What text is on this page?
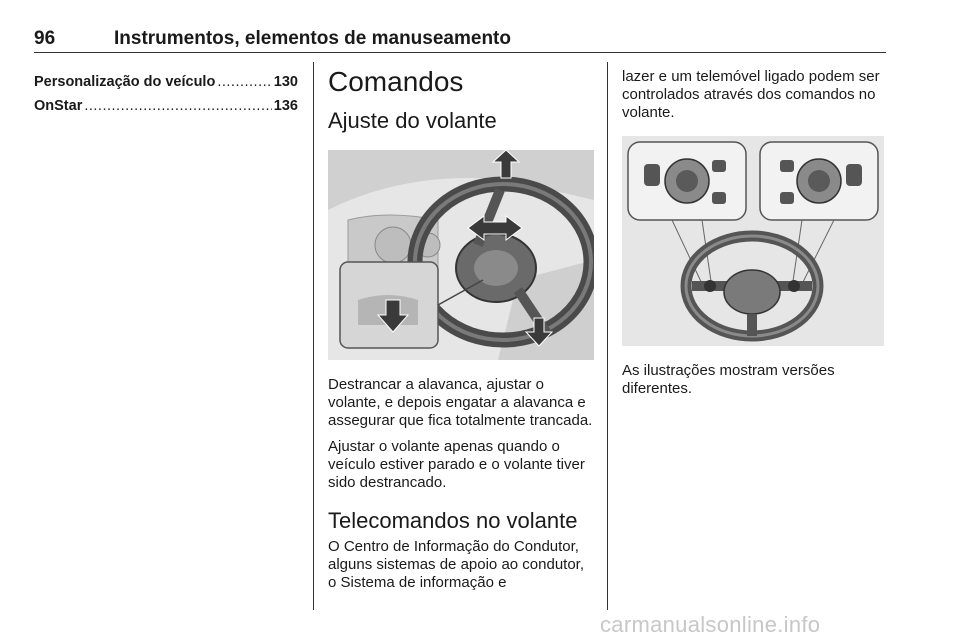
96	Instrumentos, elementos de manuseamento
Personalização do veículo .....	130
OnStar .....	136
Comandos
Ajuste do volante

Destrancar a alavanca, ajustar o volante, e depois engatar a alavanca e assegurar que fica totalmente trancada.

Ajustar o volante apenas quando o veículo estiver parado e o volante tiver sido destrancado.

Telecomandos no volante

O Centro de Informação do Condutor, alguns sistemas de apoio ao condutor, o Sistema de informação e

lazer e um telemóvel ligado podem ser controlados através dos comandos no volante.

As ilustrações mostram versões diferentes.

carmanualsonline.info
